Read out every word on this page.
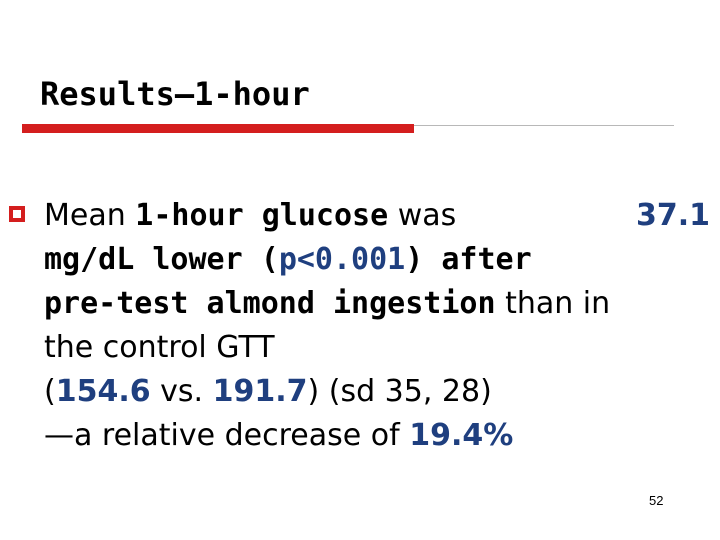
Results—1-hour
Mean 1-hour glucose was	37.1
mg/dL lower (p<0.001) after
pre-test almond ingestion than in
the control GTT
(154.6 vs. 191.7) (sd 35, 28)
—a relative decrease of 19.4%
52
